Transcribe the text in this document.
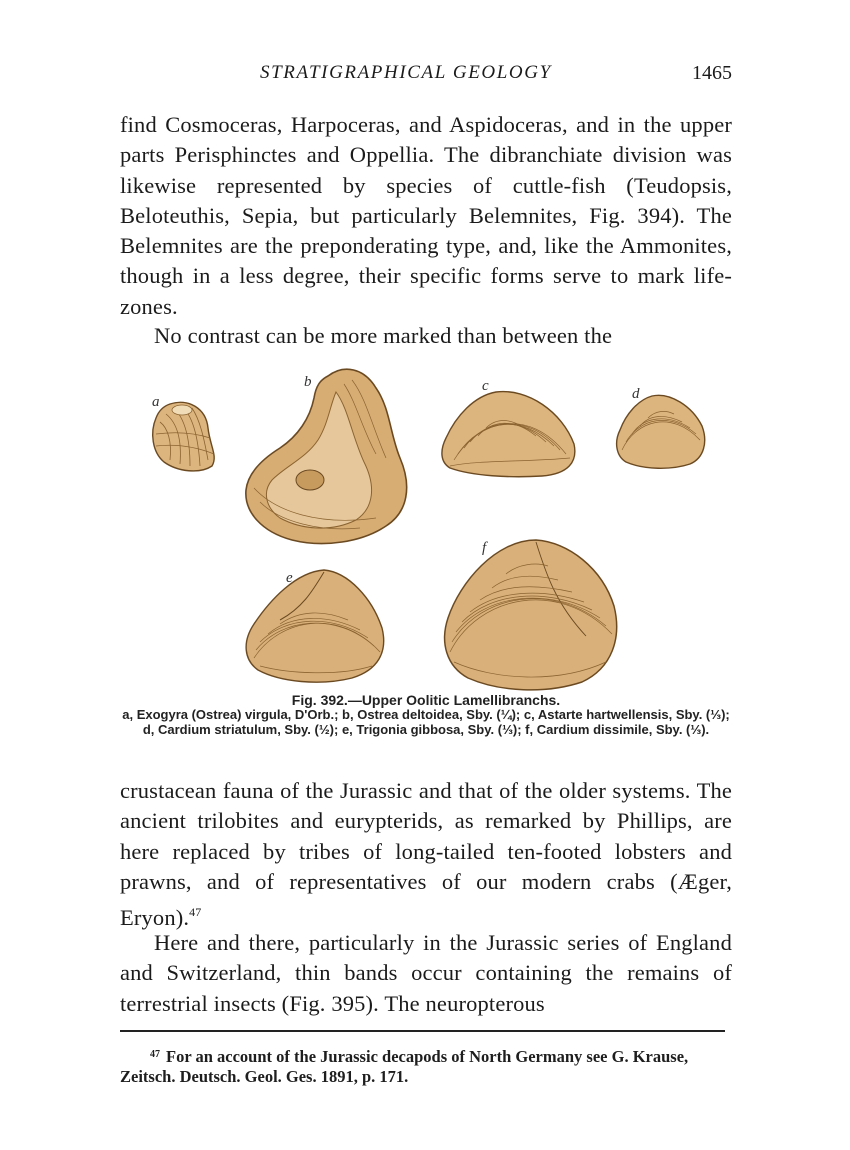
STRATIGRAPHICAL GEOLOGY	1465

find Cosmoceras, Harpoceras, and Aspidoceras, and in the upper parts Perisphinctes and Oppellia. The dibranchiate division was likewise represented by species of cuttle-fish (Teudopsis, Beloteuthis, Sepia, but particularly Belemnites, Fig. 394). The Belemnites are the preponderating type, and, like the Ammonites, though in a less degree, their specific forms serve to mark life-zones.

No contrast can be more marked than between the

a
b	c	d
e
f
Fig. 392.—Upper Oolitic Lamellibranchs.
a, Exogyra (Ostrea) virgula, D'Orb.; b, Ostrea deltoidea, Sby. (¼); c, Astarte hartwellensis, Sby. (⅓); d, Cardium striatulum, Sby. (½); e, Trigonia gibbosa, Sby. (⅓); f, Cardium dissimile, Sby. (⅓).

crustacean fauna of the Jurassic and that of the older systems. The ancient trilobites and eurypterids, as remarked by Phillips, are here replaced by tribes of long-tailed ten-footed lobsters and prawns, and of representatives of our modern crabs (Æger, Eryon).$^{47}$

Here and there, particularly in the Jurassic series of England and Switzerland, thin bands occur containing the remains of terrestrial insects (Fig. 395). The neuropterous

$^{47}$ For an account of the Jurassic decapods of North Germany see G. Krause, Zeitsch. Deutsch. Geol. Ges. 1891, p. 171.
